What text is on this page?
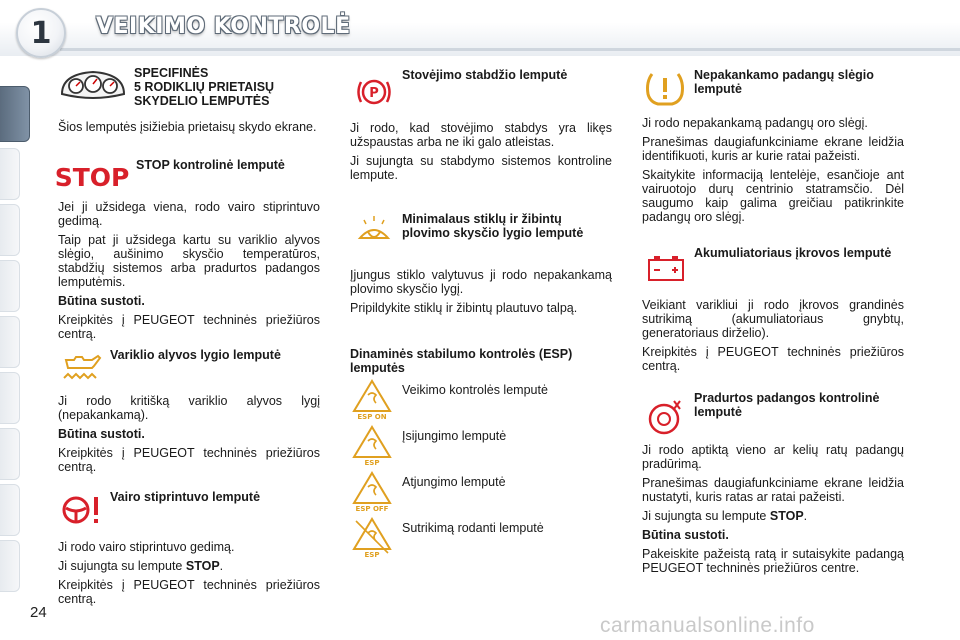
1 VEIKIMO KONTROLĖ
SPECIFINĖS
5 RODIKLIŲ PRIETAISŲ
SKYDELIO LEMPUTĖS

Šios lemputės įsižiebia prietaisų skydo ekrane.

STOP STOP kontrolinė lemputė

Jei ji užsidega viena, rodo vairo stiprintuvo gedimą.

Taip pat ji užsidega kartu su variklio alyvos slėgio, aušinimo skysčio temperatūros, stabdžių sistemos arba pradurtos padangos lemputėmis.

Būtina sustoti.

Kreipkitės į PEUGEOT techninės priežiūros centrą.

Variklio alyvos lygio lemputė

Ji rodo kritišką variklio alyvos lygį (nepakankamą).

Būtina sustoti.

Kreipkitės į PEUGEOT techninės priežiūros centrą.

Vairo stiprintuvo lemputė

Ji rodo vairo stiprintuvo gedimą.

Ji sujungta su lempute STOP.

Kreipkitės į PEUGEOT techninės priežiūros centrą.

P
Stovėjimo stabdžio lemputė

Ji rodo, kad stovėjimo stabdys yra likęs užspaustas arba ne iki galo atleistas.

Ji sujungta su stabdymo sistemos kontroline lempute.

Minimalaus stiklų ir žibintų plovimo skysčio lygio lemputė

Įjungus stiklo valytuvus ji rodo nepakankamą plovimo skysčio lygį.

Pripildykite stiklų ir žibintų plautuvo talpą.

Dinaminės stabilumo kontrolės (ESP) lemputės
ESP ON
Veikimo kontrolės lemputė
ESP
Įsijungimo lemputė
ESP OFF
Atjungimo lemputė
ESP
Sutrikimą rodanti lemputė
Nepakankamo padangų slėgio lemputė

Ji rodo nepakankamą padangų oro slėgį.

Pranešimas daugiafunkciniame ekrane leidžia identifikuoti, kuris ar kurie ratai pažeisti.

Skaitykite informaciją lentelėje, esančioje ant vairuotojo durų centrinio statramsčio. Dėl saugumo kaip galima greičiau patikrinkite padangų oro slėgį.

Akumuliatoriaus įkrovos lemputė

Veikiant varikliui ji rodo įkrovos grandinės sutrikimą (akumuliatoriaus gnybtų, generatoriaus dirželio).

Kreipkitės į PEUGEOT techninės priežiūros centrą.

Pradurtos padangos kontrolinė lemputė

Ji rodo aptiktą vieno ar kelių ratų padangų pradūrimą.

Pranešimas daugiafunkciniame ekrane leidžia nustatyti, kuris ratas ar ratai pažeisti.

Ji sujungta su lempute STOP.

Būtina sustoti.

Pakeiskite pažeistą ratą ir sutaisykite padangą PEUGEOT techninės priežiūros centre.

24
carmanualsonline.info
